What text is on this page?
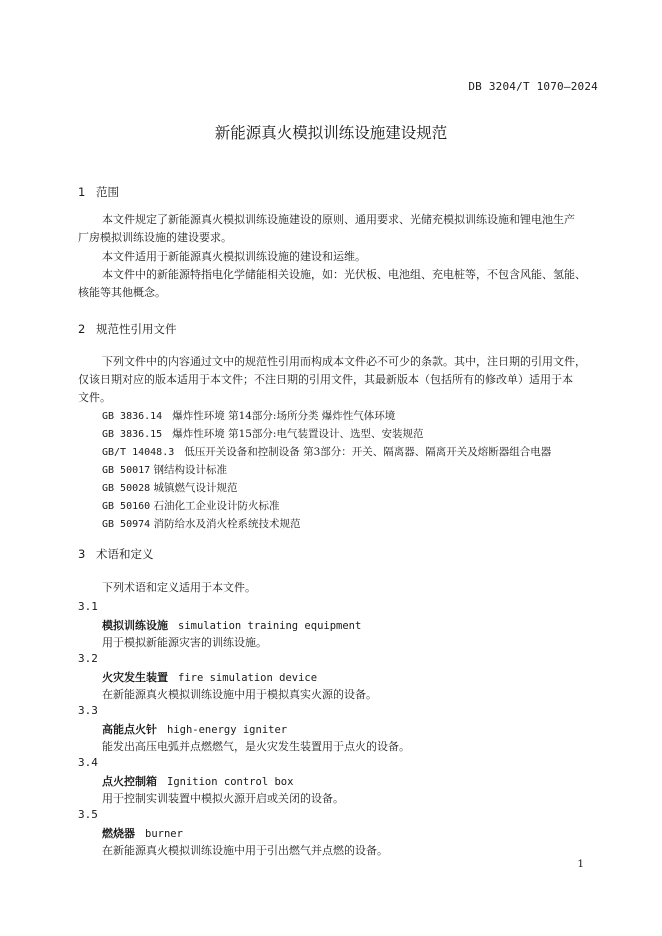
DB 3204/T 1070—2024
新能源真火模拟训练设施建设规范
1 范围
本文件规定了新能源真火模拟训练设施建设的原则、通用要求、光储充模拟训练设施和锂电池生产
厂房模拟训练设施的建设要求。
本文件适用于新能源真火模拟训练设施的建设和运维。
本文件中的新能源特指电化学储能相关设施，如：光伏板、电池组、充电桩等，不包含风能、氢能、
核能等其他概念。
2 规范性引用文件
下列文件中的内容通过文中的规范性引用而构成本文件必不可少的条款。其中，注日期的引用文件，
仅该日期对应的版本适用于本文件；不注日期的引用文件，其最新版本（包括所有的修改单）适用于本
文件。
GB 3836.14 爆炸性环境 第14部分:场所分类 爆炸性气体环境
GB 3836.15 爆炸性环境 第15部分:电气装置设计、选型、安装规范
GB/T 14048.3 低压开关设备和控制设备 第3部分：开关、隔离器、隔离开关及熔断器组合电器
GB 50017 钢结构设计标准
GB 50028 城镇燃气设计规范
GB 50160 石油化工企业设计防火标准
GB 50974 消防给水及消火栓系统技术规范
3 术语和定义
下列术语和定义适用于本文件。
3.1
模拟训练设施 simulation training equipment
用于模拟新能源灾害的训练设施。
3.2
火灾发生装置 fire simulation device
在新能源真火模拟训练设施中用于模拟真实火源的设备。
3.3
高能点火针 high-energy igniter
能发出高压电弧并点燃燃气，是火灾发生装置用于点火的设备。
3.4
点火控制箱 Ignition control box
用于控制实训装置中模拟火源开启或关闭的设备。
3.5
燃烧器 burner
在新能源真火模拟训练设施中用于引出燃气并点燃的设备。
1
